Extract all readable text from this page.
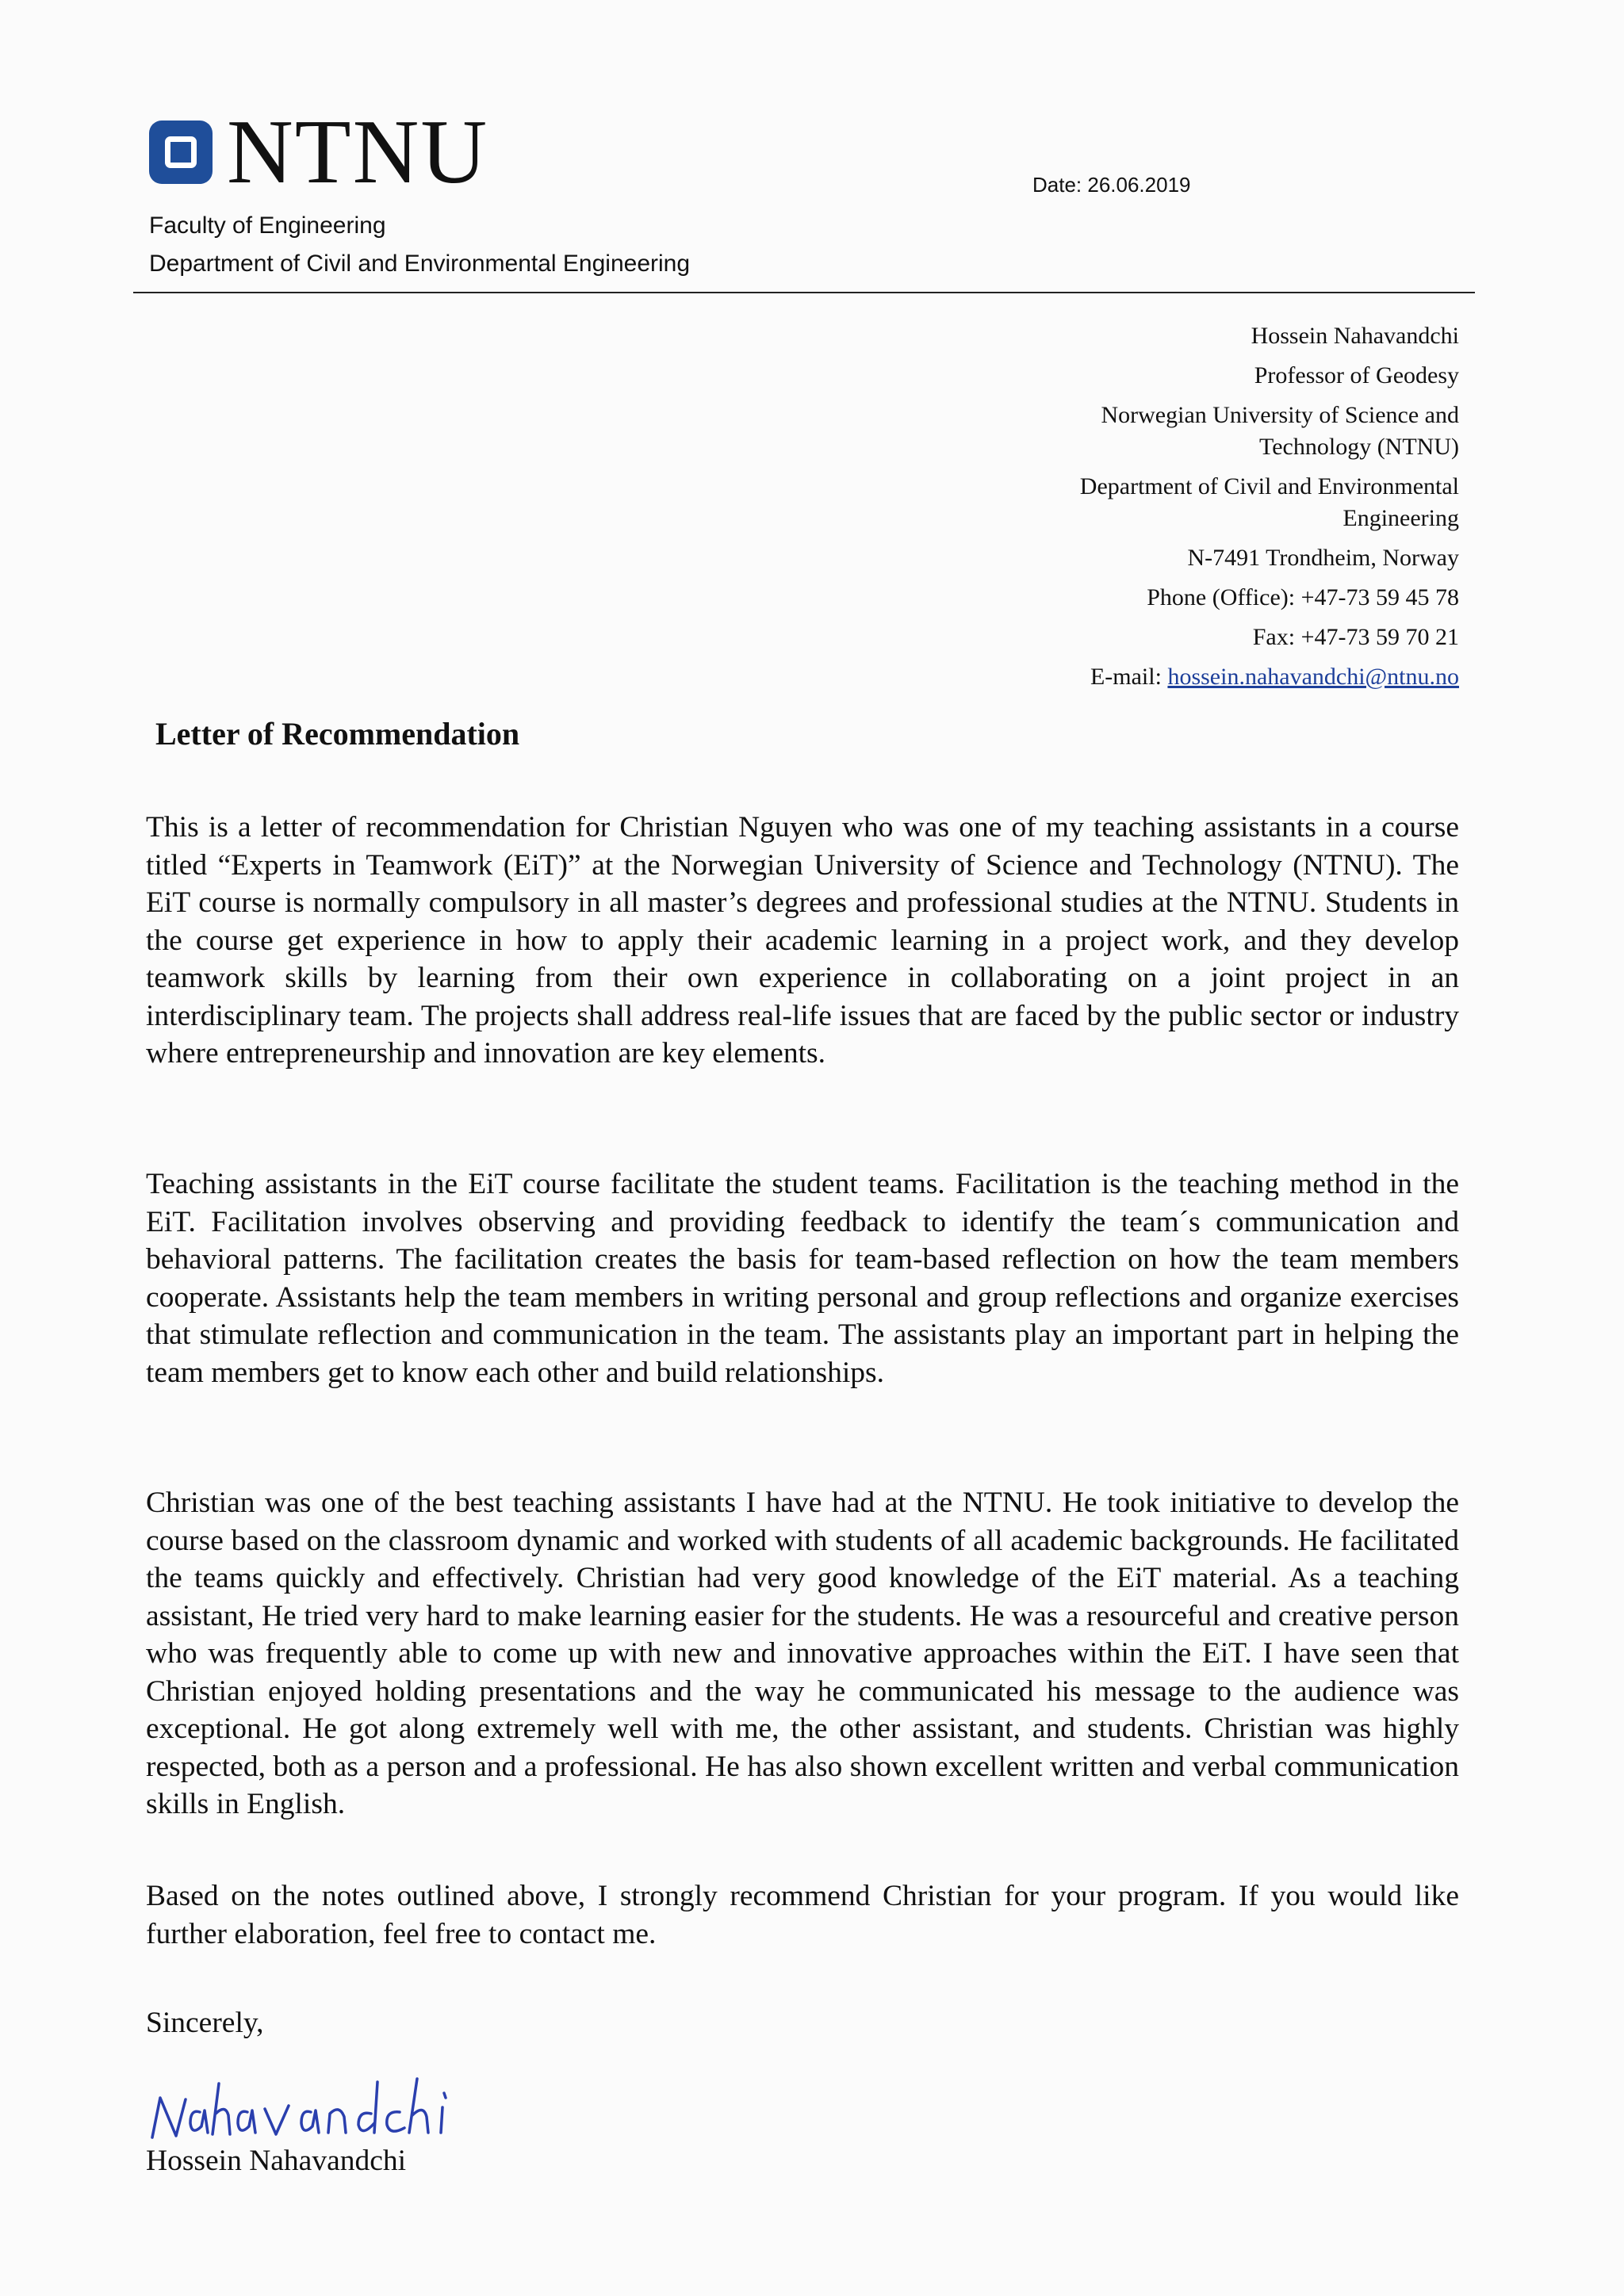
NTNU
Faculty of Engineering
Department of Civil and Environmental Engineering
Date: 26.06.2019
Hossein Nahavandchi
Professor of Geodesy
Norwegian University of Science and
Technology (NTNU)
Department of Civil and Environmental
Engineering
N-7491 Trondheim, Norway
Phone (Office): +47-73 59 45 78
Fax: +47-73 59 70 21
E-mail: hossein.nahavandchi@ntnu.no
Letter of Recommendation

This is a letter of recommendation for Christian Nguyen who was one of my teaching assistants in a course titled “Experts in Teamwork (EiT)” at the Norwegian University of Science and Technology (NTNU). The EiT course is normally compulsory in all master’s degrees and professional studies at the NTNU. Students in the course get experience in how to apply their academic learning in a project work, and they develop teamwork skills by learning from their own experience in collaborating on a joint project in an interdisciplinary team. The projects shall address real-life issues that are faced by the public sector or industry where entrepreneurship and innovation are key elements.

Teaching assistants in the EiT course facilitate the student teams. Facilitation is the teaching method in the EiT. Facilitation involves observing and providing feedback to identify the team´s communication and behavioral patterns. The facilitation creates the basis for team-based reflection on how the team members cooperate. Assistants help the team members in writing personal and group reflections and organize exercises that stimulate reflection and communication in the team. The assistants play an important part in helping the team members get to know each other and build relationships.

Christian was one of the best teaching assistants I have had at the NTNU. He took initiative to develop the course based on the classroom dynamic and worked with students of all academic backgrounds. He facilitated the teams quickly and effectively. Christian had very good knowledge of the EiT material. As a teaching assistant, He tried very hard to make learning easier for the students. He was a resourceful and creative person who was frequently able to come up with new and innovative approaches within the EiT. I have seen that Christian enjoyed holding presentations and the way he communicated his message to the audience was exceptional. He got along extremely well with me, the other assistant, and students. Christian was highly respected, both as a person and a professional. He has also shown excellent written and verbal communication skills in English.

Based on the notes outlined above, I strongly recommend Christian for your program. If you would like further elaboration, feel free to contact me.

Sincerely,
Hossein Nahavandchi
